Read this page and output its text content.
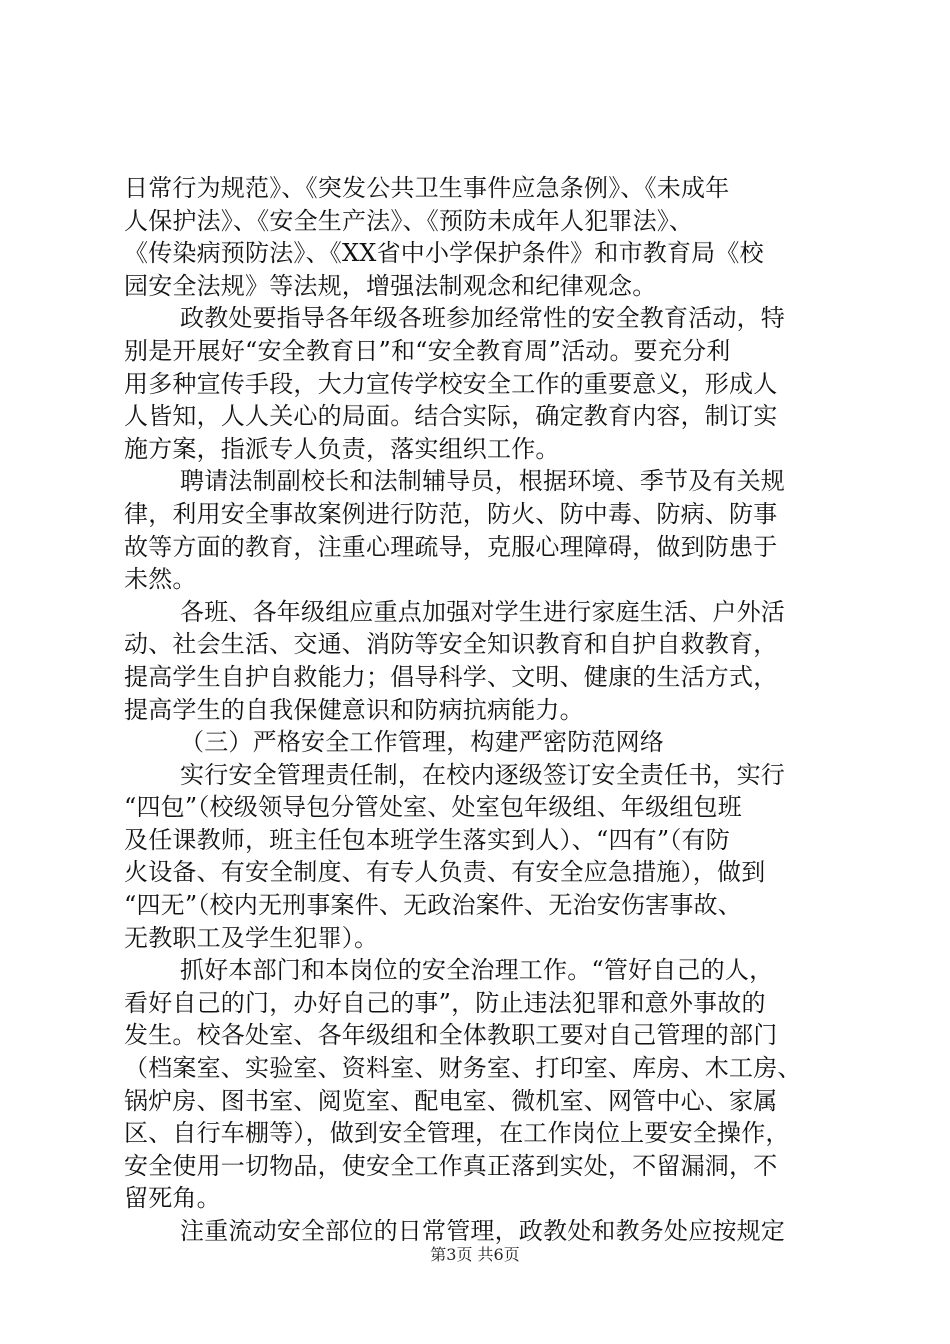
日常行为规范》、《突发公共卫生事件应急条例》、《未成年
人保护法》、《安全生产法》、《预防未成年人犯罪法》、
《传染病预防法》、《XX省中小学保护条件》和市教育局《校
园安全法规》等法规，增强法制观念和纪律观念。
政教处要指导各年级各班参加经常性的安全教育活动，特
别是开展好“安全教育日”和“安全教育周”活动。要充分利
用多种宣传手段，大力宣传学校安全工作的重要意义，形成人
人皆知，人人关心的局面。结合实际，确定教育内容，制订实
施方案，指派专人负责，落实组织工作。
聘请法制副校长和法制辅导员，根据环境、季节及有关规
律，利用安全事故案例进行防范，防火、防中毒、防病、防事
故等方面的教育，注重心理疏导，克服心理障碍，做到防患于
未然。
各班、各年级组应重点加强对学生进行家庭生活、户外活
动、社会生活、交通、消防等安全知识教育和自护自救教育，
提高学生自护自救能力；倡导科学、文明、健康的生活方式，
提高学生的自我保健意识和防病抗病能力。
（三）严格安全工作管理，构建严密防范网络
实行安全管理责任制，在校内逐级签订安全责任书，实行
“四包”（校级领导包分管处室、处室包年级组、年级组包班
及任课教师，班主任包本班学生落实到人）、“四有”（有防
火设备、有安全制度、有专人负责、有安全应急措施），做到
“四无”（校内无刑事案件、无政治案件、无治安伤害事故、
无教职工及学生犯罪）。
抓好本部门和本岗位的安全治理工作。“管好自己的人，
看好自己的门，办好自己的事”，防止违法犯罪和意外事故的
发生。校各处室、各年级组和全体教职工要对自己管理的部门
（档案室、实验室、资料室、财务室、打印室、库房、木工房、
锅炉房、图书室、阅览室、配电室、微机室、网管中心、家属
区、自行车棚等），做到安全管理，在工作岗位上要安全操作，
安全使用一切物品，使安全工作真正落到实处，不留漏洞，不
留死角。
注重流动安全部位的日常管理，政教处和教务处应按规定
第3页 共6页
